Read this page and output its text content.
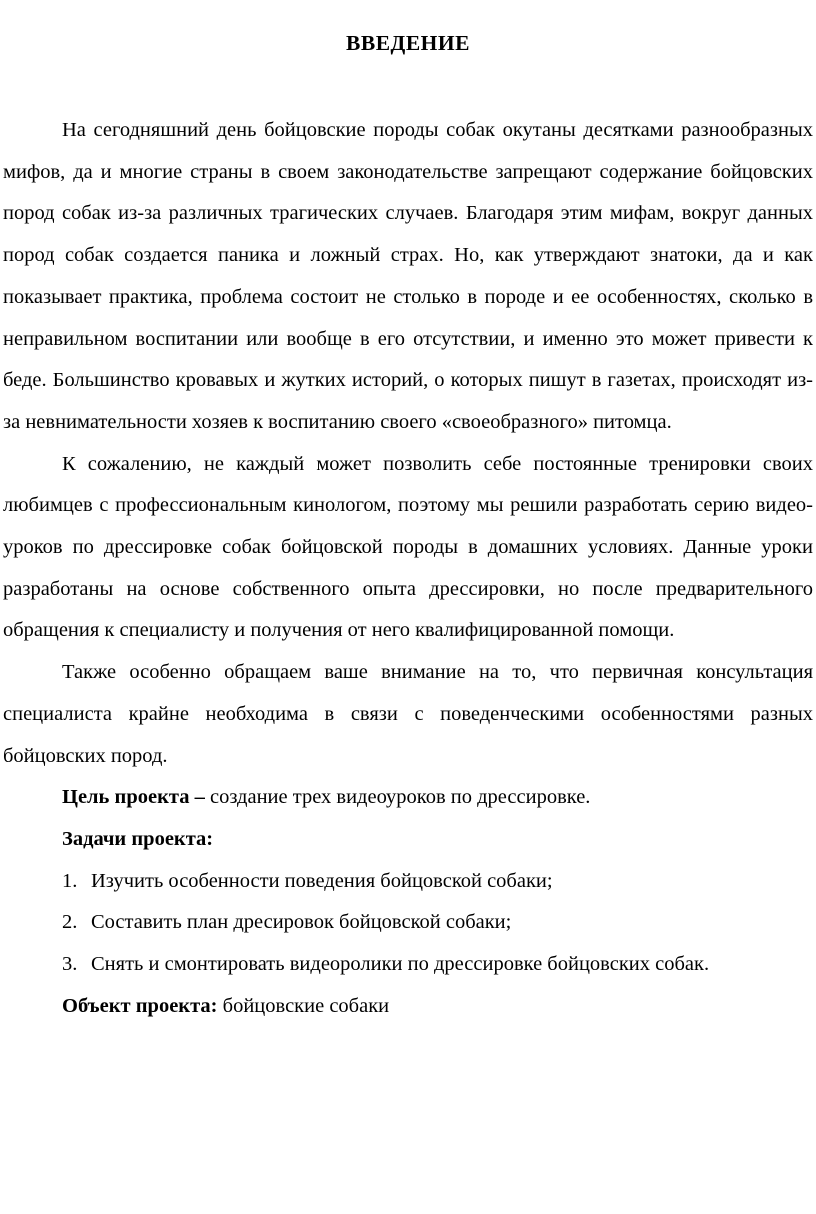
ВВЕДЕНИЕ

На сегодняшний день бойцовские породы собак окутаны десятками разнообразных мифов, да и многие страны в своем законодательстве запрещают содержание бойцовских пород собак из-за различных трагических случаев. Благодаря этим мифам, вокруг данных пород собак создается паника и ложный страх. Но, как утверждают знатоки, да и как показывает практика, проблема состоит не столько в породе и ее особенностях, сколько в неправильном воспитании или вообще в его отсутствии, и именно это может привести к беде. Большинство кровавых и жутких историй, о которых пишут в газетах, происходят из-за невнимательности хозяев к воспитанию своего «своеобразного» питомца.

К сожалению, не каждый может позволить себе постоянные тренировки своих любимцев с профессиональным кинологом, поэтому мы решили разработать серию видео-уроков по дрессировке собак бойцовской породы в домашних условиях. Данные уроки разработаны на основе собственного опыта дрессировки, но после предварительного обращения к специалисту и получения от него квалифицированной помощи.

Также особенно обращаем ваше внимание на то, что первичная консультация специалиста крайне необходима в связи с поведенческими особенностями разных бойцовских пород.

Цель проекта – создание трех видеоуроков по дрессировке.

Задачи проекта:

1. Изучить особенности поведения бойцовской собаки;
2. Составить план дресировок бойцовской собаки;
3. Снять и смонтировать видеоролики по дрессировке бойцовских собак.

Объект проекта: бойцовские собаки
